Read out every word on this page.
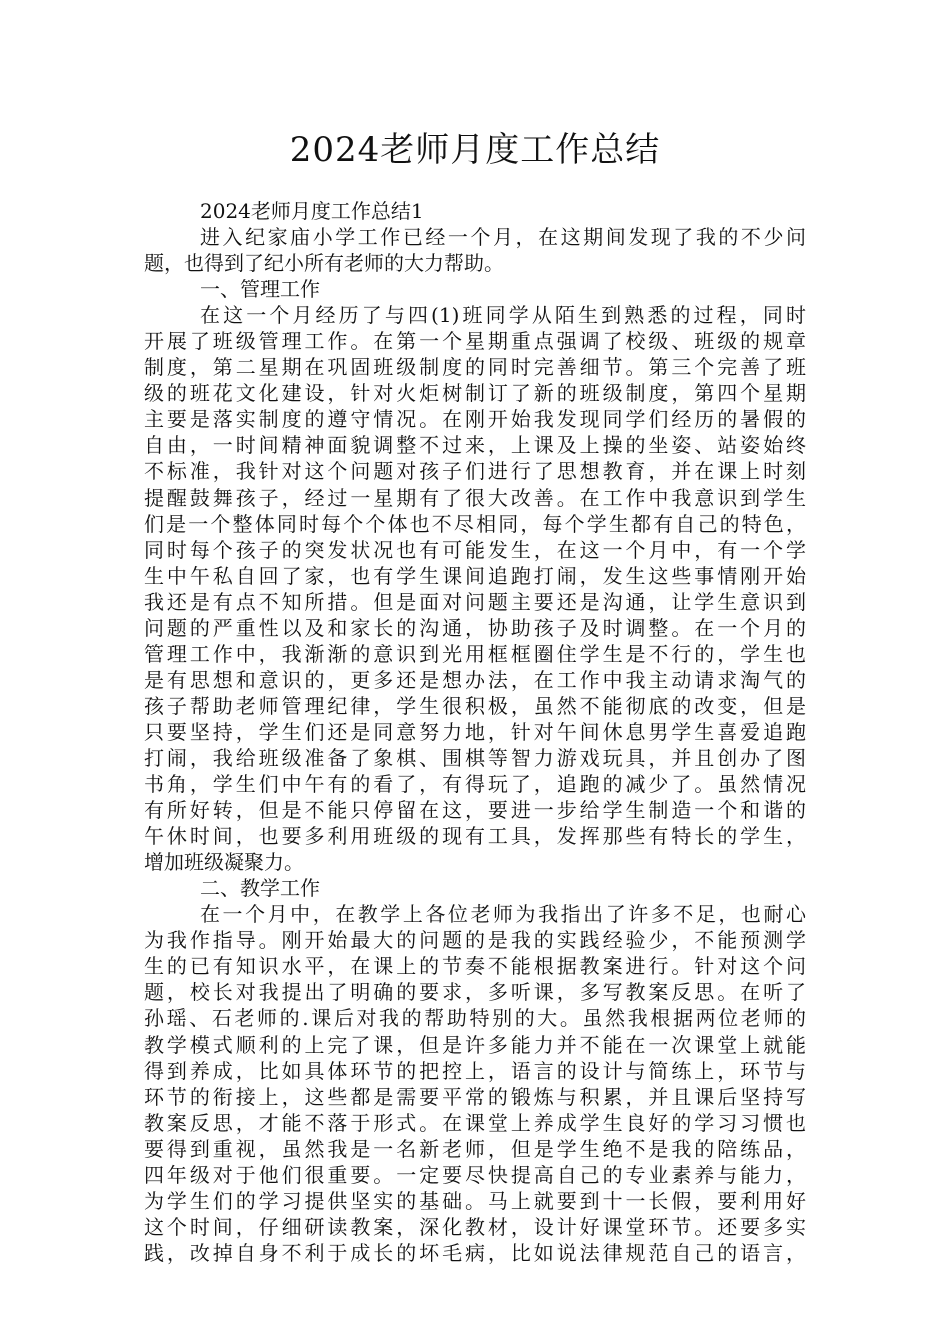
2024老师月度工作总结
2024老师月度工作总结1
进入纪家庙小学工作已经一个月，在这期间发现了我的不少问
题，也得到了纪小所有老师的大力帮助。
一、管理工作
在这一个月经历了与四(1)班同学从陌生到熟悉的过程，同时
开展了班级管理工作。在第一个星期重点强调了校级、班级的规章
制度，第二星期在巩固班级制度的同时完善细节。第三个完善了班
级的班花文化建设，针对火炬树制订了新的班级制度，第四个星期
主要是落实制度的遵守情况。在刚开始我发现同学们经历的暑假的
自由，一时间精神面貌调整不过来，上课及上操的坐姿、站姿始终
不标准，我针对这个问题对孩子们进行了思想教育，并在课上时刻
提醒鼓舞孩子，经过一星期有了很大改善。在工作中我意识到学生
们是一个整体同时每个个体也不尽相同，每个学生都有自己的特色，
同时每个孩子的突发状况也有可能发生，在这一个月中，有一个学
生中午私自回了家，也有学生课间追跑打闹，发生这些事情刚开始
我还是有点不知所措。但是面对问题主要还是沟通，让学生意识到
问题的严重性以及和家长的沟通，协助孩子及时调整。在一个月的
管理工作中，我渐渐的意识到光用框框圈住学生是不行的，学生也
是有思想和意识的，更多还是想办法，在工作中我主动请求淘气的
孩子帮助老师管理纪律，学生很积极，虽然不能彻底的改变，但是
只要坚持，学生们还是同意努力地，针对午间休息男学生喜爱追跑
打闹，我给班级准备了象棋、围棋等智力游戏玩具，并且创办了图
书角，学生们中午有的看了，有得玩了，追跑的减少了。虽然情况
有所好转，但是不能只停留在这，要进一步给学生制造一个和谐的
午休时间，也要多利用班级的现有工具，发挥那些有特长的学生，
增加班级凝聚力。
二、教学工作
在一个月中，在教学上各位老师为我指出了许多不足，也耐心
为我作指导。刚开始最大的问题的是我的实践经验少，不能预测学
生的已有知识水平，在课上的节奏不能根据教案进行。针对这个问
题，校长对我提出了明确的要求，多听课，多写教案反思。在听了
孙瑶、石老师的.课后对我的帮助特别的大。虽然我根据两位老师的
教学模式顺利的上完了课，但是许多能力并不能在一次课堂上就能
得到养成，比如具体环节的把控上，语言的设计与简练上，环节与
环节的衔接上，这些都是需要平常的锻炼与积累，并且课后坚持写
教案反思，才能不落于形式。在课堂上养成学生良好的学习习惯也
要得到重视，虽然我是一名新老师，但是学生绝不是我的陪练品，
四年级对于他们很重要。一定要尽快提高自己的专业素养与能力，
为学生们的学习提供坚实的基础。马上就要到十一长假，要利用好
这个时间，仔细研读教案，深化教材，设计好课堂环节。还要多实
践，改掉自身不利于成长的坏毛病，比如说法律规范自己的语言，
